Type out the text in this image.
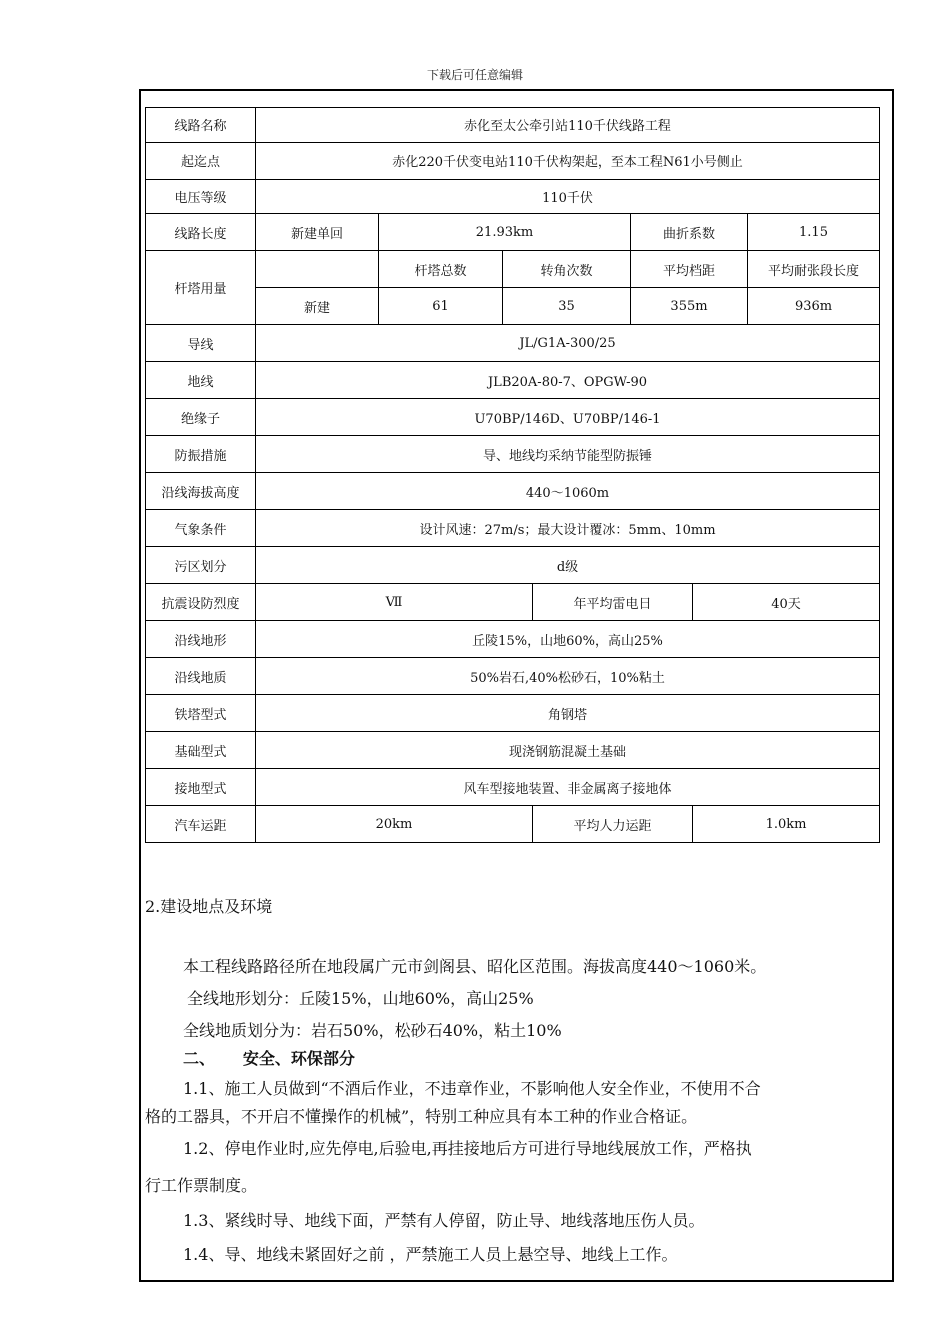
下载后可任意编辑
线路名称	赤化至太公牵引站110千伏线路工程						
起迄点	赤化220千伏变电站110千伏构架起，至本工程N61小号侧止						
电压等级	110千伏						
线路长度	新建单回	21.93km			曲折系数		1.15
杆塔用量		杆塔总数	转角次数		平均档距		平均耐张段长度
	新建	61	35		355m		936m
导线	JL/G1A-300/25						
地线	JLB20A-80-7、OPGW-90						
绝缘子	U70BP/146D、U70BP/146-1						
防振措施	导、地线均采纳节能型防振锤						
沿线海拔高度	440～1060m						
气象条件	设计风速：27m/s；最大设计覆冰：5mm、10mm						
污区划分	d级						
抗震设防烈度	Ⅶ			年平均雷电日		40天	
沿线地形	丘陵15%，山地60%，高山25%						
沿线地质	50%岩石,40%松砂石，10%粘土						
铁塔型式	角钢塔						
基础型式	现浇钢筋混凝土基础						
接地型式	风车型接地装置、非金属离子接地体						
汽车运距	20km			平均人力运距		1.0km	
2.建设地点及环境
本工程线路路径所在地段属广元市剑阁县、昭化区范围。海拔高度440～1060米。
全线地形划分：丘陵15%，山地60%，高山25%
全线地质划分为：岩石50%，松砂石40%，粘土10%
二、     安全、环保部分
1.1、施工人员做到“不酒后作业，不违章作业，不影响他人安全作业，不使用不合
格的工器具，不开启不懂操作的机械”，特别工种应具有本工种的作业合格证。
1.2、停电作业时,应先停电,后验电,再挂接地后方可进行导地线展放工作，严格执
行工作票制度。
1.3、紧线时导、地线下面，严禁有人停留，防止导、地线落地压伤人员。
1.4、导、地线未紧固好之前 ，严禁施工人员上悬空导、地线上工作。
